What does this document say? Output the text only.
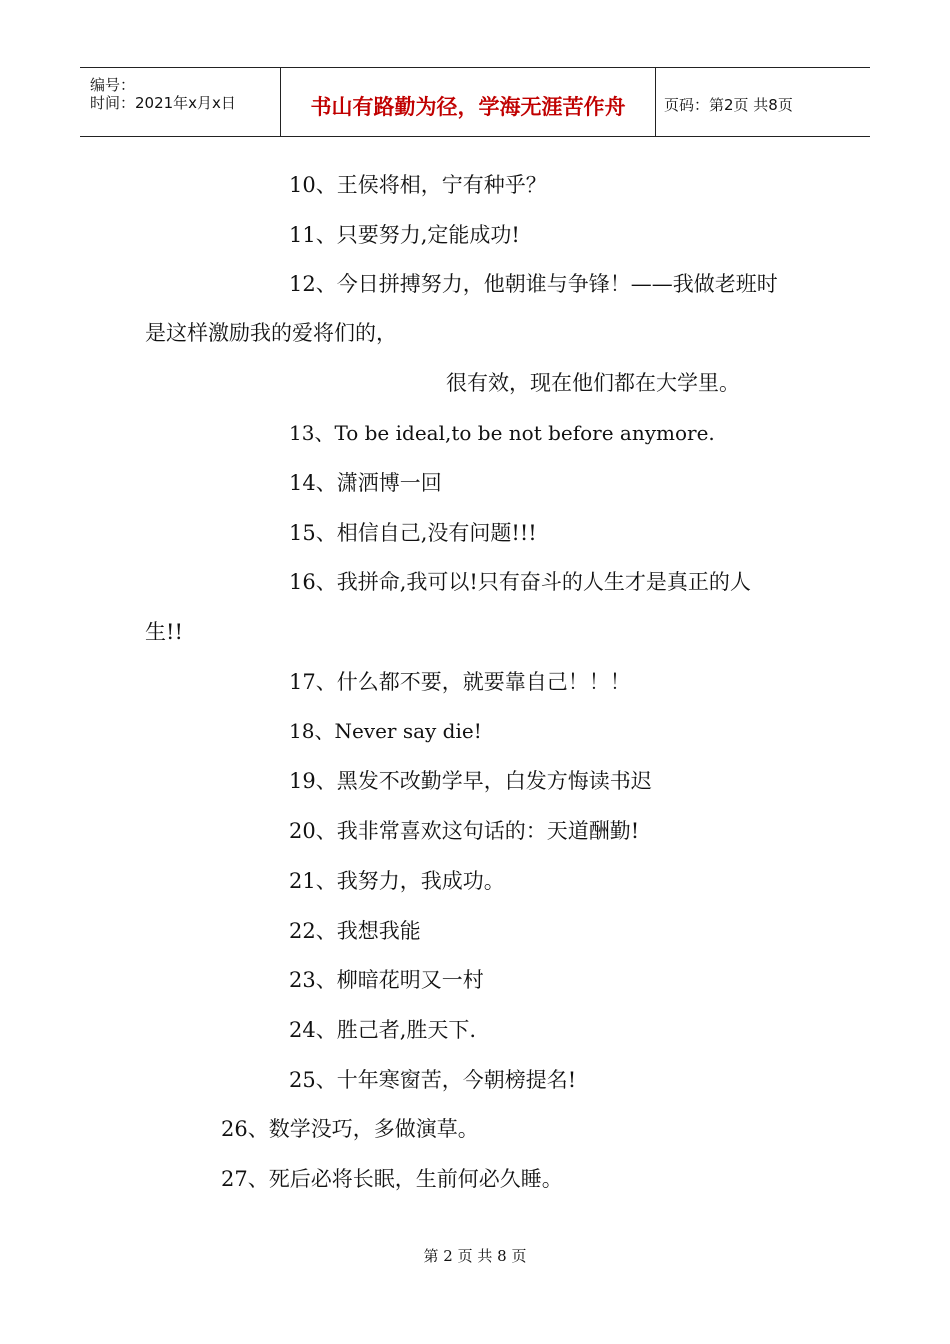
编号：
时间：2021年x月x日	书山有路勤为径，学海无涯苦作舟	页码：第2页 共8页
10、王侯将相，宁有种乎？
11、只要努力,定能成功!
12、今日拼搏努力，他朝谁与争锋！——我做老班时
是这样激励我的爱将们的，
很有效，现在他们都在大学里。
13、To be ideal,to be not before anymore.
14、潇洒博一回
15、相信自己,没有问题!!!
16、我拼命,我可以!只有奋斗的人生才是真正的人
生!!
17、什么都不要，就要靠自己！！！
18、Never say die!
19、黑发不改勤学早，白发方悔读书迟
20、我非常喜欢这句话的：天道酬勤!
21、我努力，我成功。
22、我想我能
23、柳暗花明又一村
24、胜己者,胜天下.
25、十年寒窗苦，今朝榜提名!
26、数学没巧，多做演草。
27、死后必将长眠，生前何必久睡。
第 2 页 共 8 页
